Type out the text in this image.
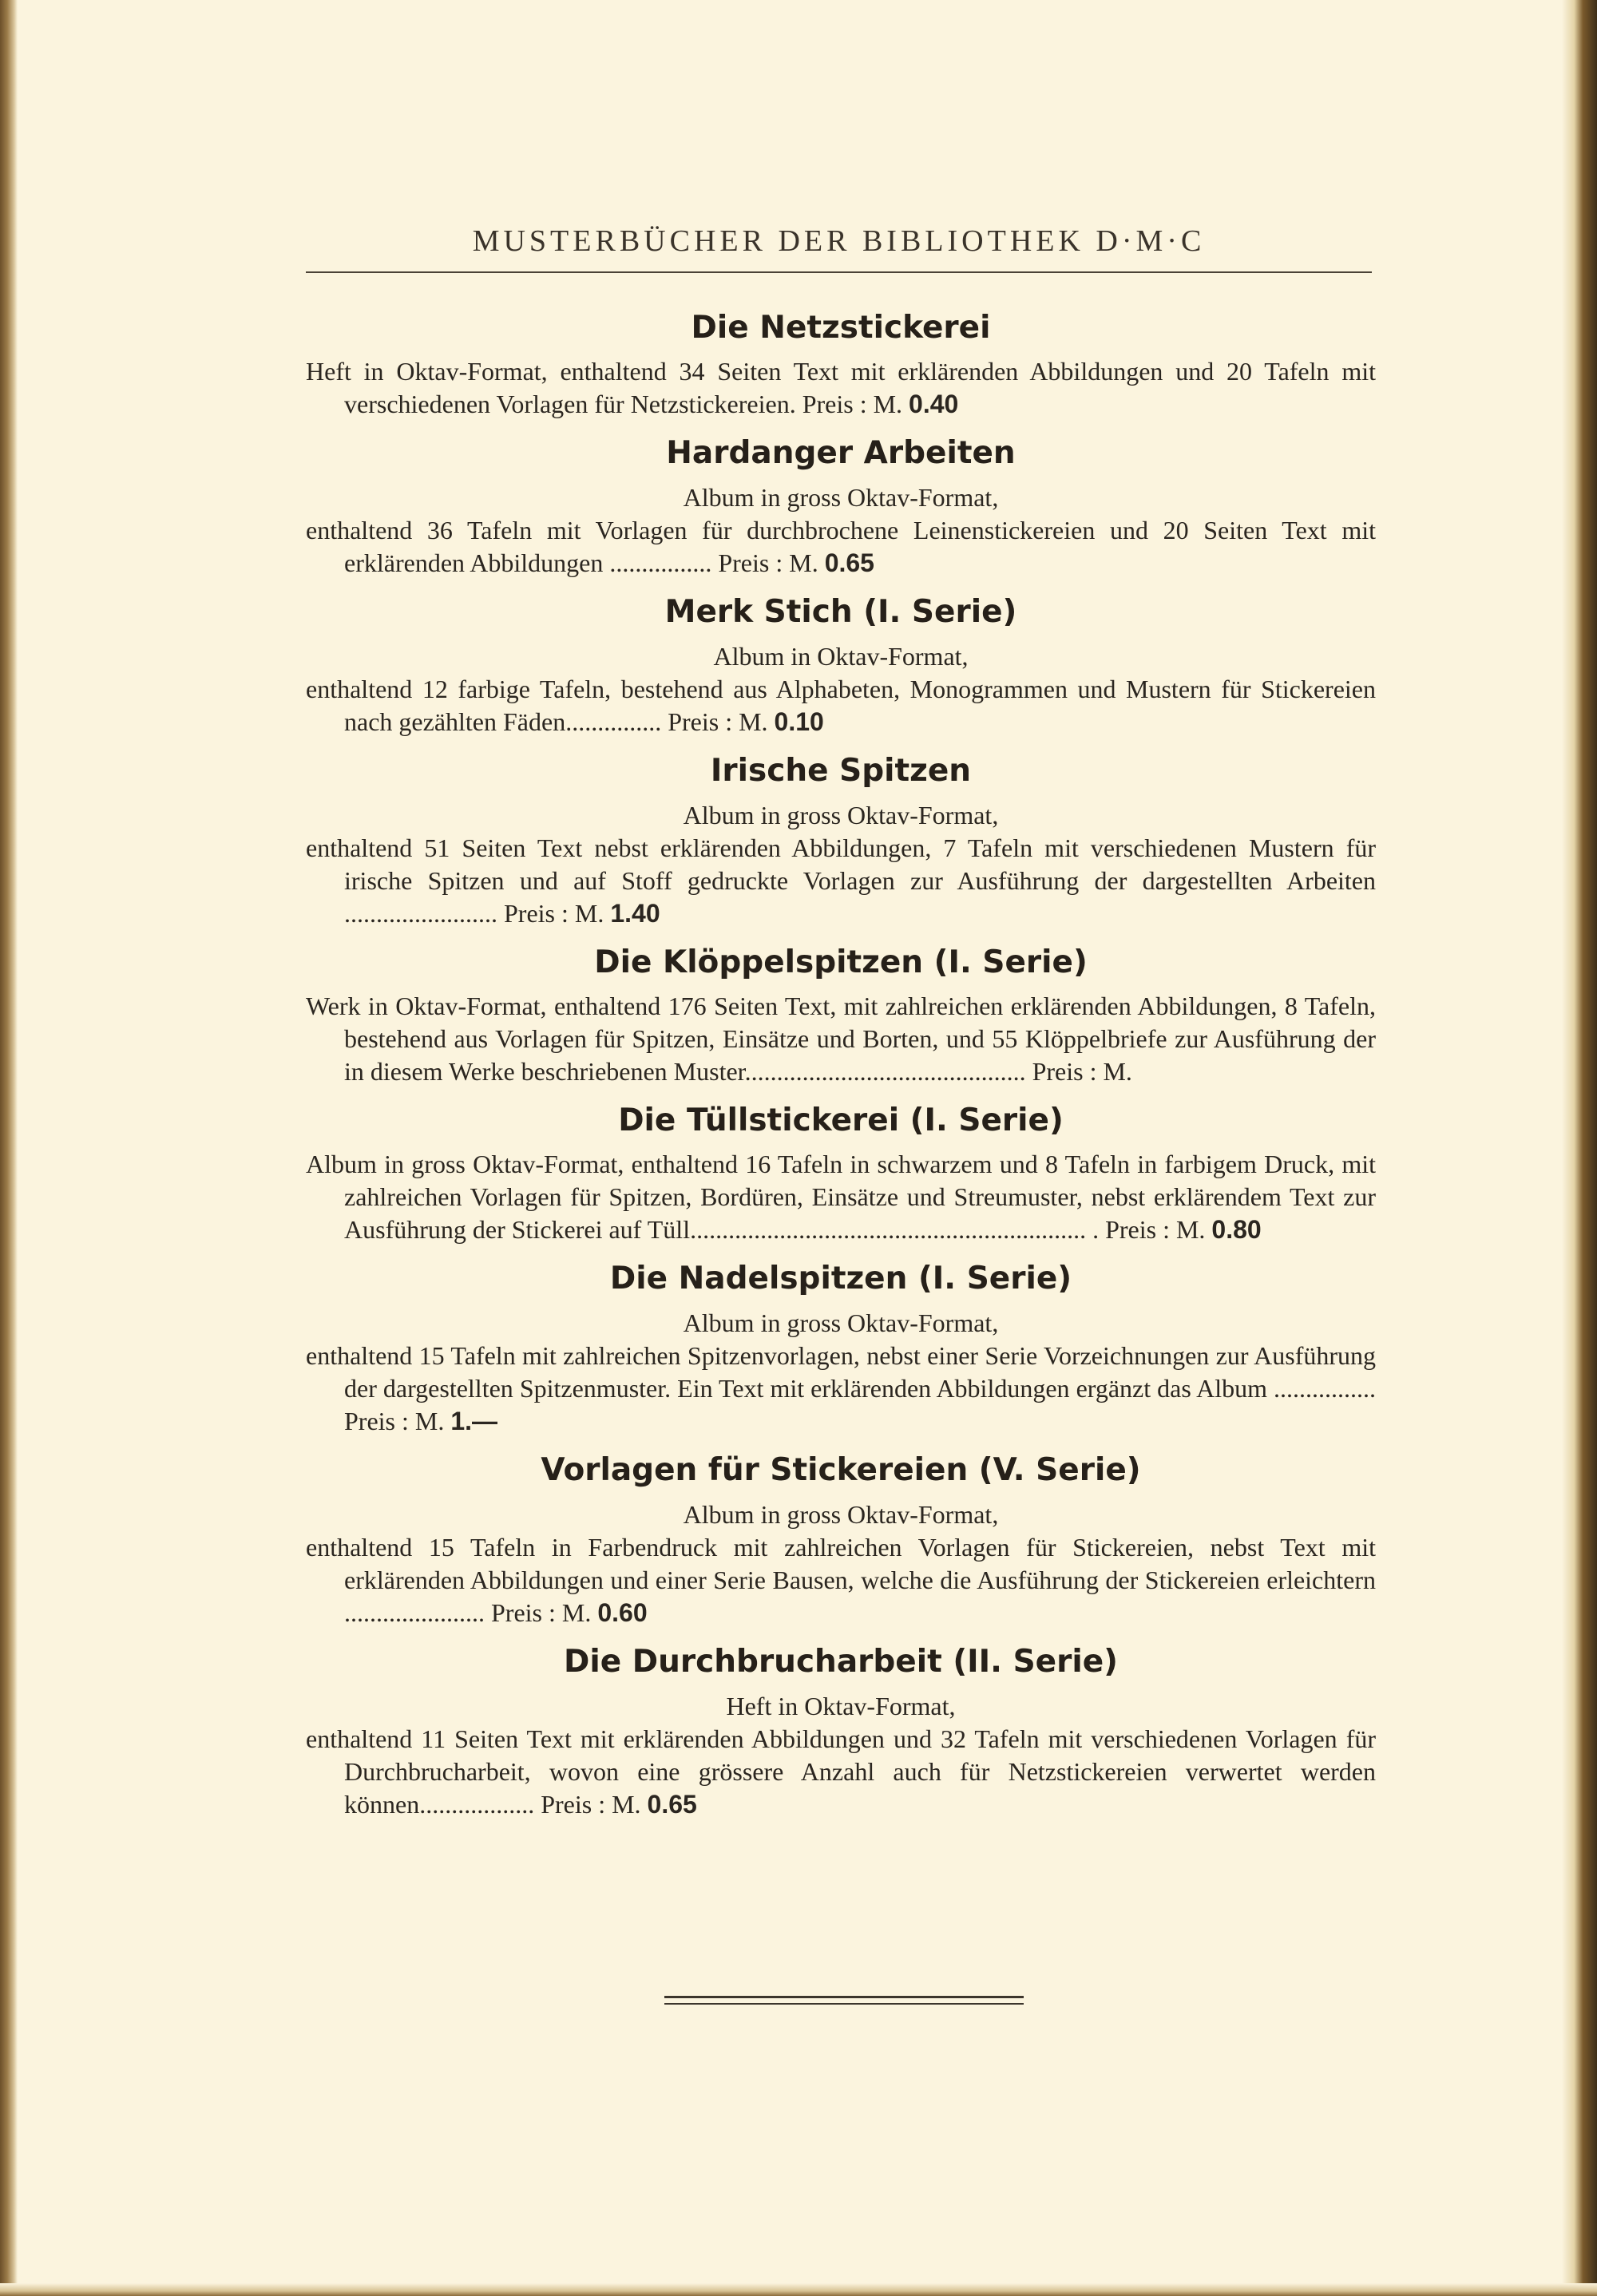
MUSTERBÜCHER DER BIBLIOTHEK D·M·C
Die Netzstickerei
Heft in Oktav-Format, enthaltend 34 Seiten Text mit erklärenden Abbildungen und 20 Tafeln mit verschiedenen Vorlagen für Netzstickereien. Preis : M. 0.40
Hardanger Arbeiten
Album in gross Oktav-Format,
enthaltend 36 Tafeln mit Vorlagen für durchbrochene Leinenstickereien und 20 Seiten Text mit erklärenden Abbildungen ................ Preis : M. 0.65
Merk Stich (I. Serie)
Album in Oktav-Format,
enthaltend 12 farbige Tafeln, bestehend aus Alphabeten, Monogrammen und Mustern für Stickereien nach gezählten Fäden............... Preis : M. 0.10
Irische Spitzen
Album in gross Oktav-Format,
enthaltend 51 Seiten Text nebst erklärenden Abbildungen, 7 Tafeln mit verschiedenen Mustern für irische Spitzen und auf Stoff gedruckte Vorlagen zur Ausführung der dargestellten Arbeiten ........................ Preis : M. 1.40
Die Klöppelspitzen (I. Serie)
Werk in Oktav-Format, enthaltend 176 Seiten Text, mit zahlreichen erklärenden Abbildungen, 8 Tafeln, bestehend aus Vorlagen für Spitzen, Einsätze und Borten, und 55 Klöppelbriefe zur Ausführung der in diesem Werke beschriebenen Muster............................................ Preis : M.
Die Tüllstickerei (I. Serie)
Album in gross Oktav-Format, enthaltend 16 Tafeln in schwarzem und 8 Tafeln in farbigem Druck, mit zahlreichen Vorlagen für Spitzen, Bordüren, Einsätze und Streumuster, nebst erklärendem Text zur Ausführung der Stickerei auf Tüll.............................................................. . Preis : M. 0.80
Die Nadelspitzen (I. Serie)
Album in gross Oktav-Format,
enthaltend 15 Tafeln mit zahlreichen Spitzenvorlagen, nebst einer Serie Vorzeichnungen zur Ausführung der dargestellten Spitzenmuster. Ein Text mit erklärenden Abbildungen ergänzt das Album ................ Preis : M. 1.—
Vorlagen für Stickereien (V. Serie)
Album in gross Oktav-Format,
enthaltend 15 Tafeln in Farbendruck mit zahlreichen Vorlagen für Stickereien, nebst Text mit erklärenden Abbildungen und einer Serie Bausen, welche die Ausführung der Stickereien erleichtern ...................... Preis : M. 0.60
Die Durchbrucharbeit (II. Serie)
Heft in Oktav-Format,
enthaltend 11 Seiten Text mit erklärenden Abbildungen und 32 Tafeln mit verschiedenen Vorlagen für Durchbrucharbeit, wovon eine grössere Anzahl auch für Netzstickereien verwertet werden können.................. Preis : M. 0.65
